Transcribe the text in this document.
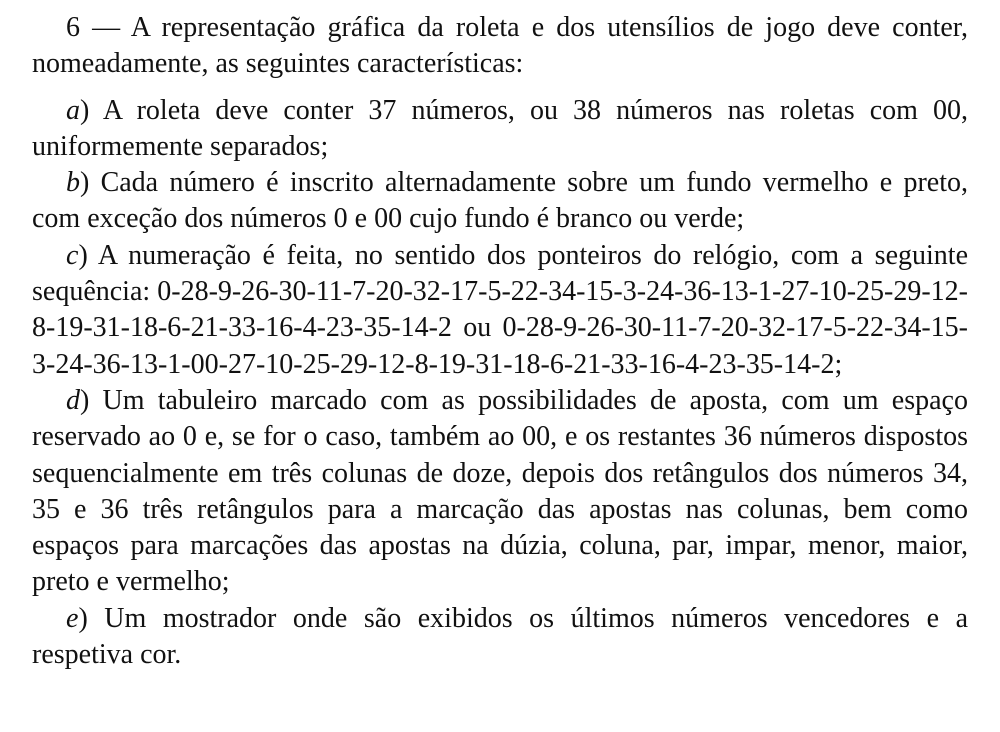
6 — A representação gráfica da roleta e dos utensílios de jogo deve conter, nomeadamente, as seguintes características:

a) A roleta deve conter 37 números, ou 38 números nas roletas com 00, uniformemente separados;

b) Cada número é inscrito alternadamente sobre um fundo vermelho e preto, com exceção dos números 0 e 00 cujo fundo é branco ou verde;

c) A numeração é feita, no sentido dos ponteiros do relógio, com a seguinte sequência: 0-28-9-26-30-11-7-20-32-17-5-22-34-15-3-24-36-13-1-27-10-25-29-12-8-19-31-18-6-21-33-16-4-23-35-14-2 ou 0-28-9-26-30-11-7-20-32-17-5-22-34-15-3-24-36-13-1-00-27-10-25-29-12-8-19-31-18-6-21-33-16-4-23-35-14-2;

d) Um tabuleiro marcado com as possibilidades de aposta, com um espaço reservado ao 0 e, se for o caso, também ao 00, e os restantes 36 números dispostos sequencialmente em três colunas de doze, depois dos retângulos dos números 34, 35 e 36 três retângulos para a marcação das apostas nas colunas, bem como espaços para marcações das apostas na dúzia, coluna, par, impar, menor, maior, preto e vermelho;

e) Um mostrador onde são exibidos os últimos números vencedores e a respetiva cor.
